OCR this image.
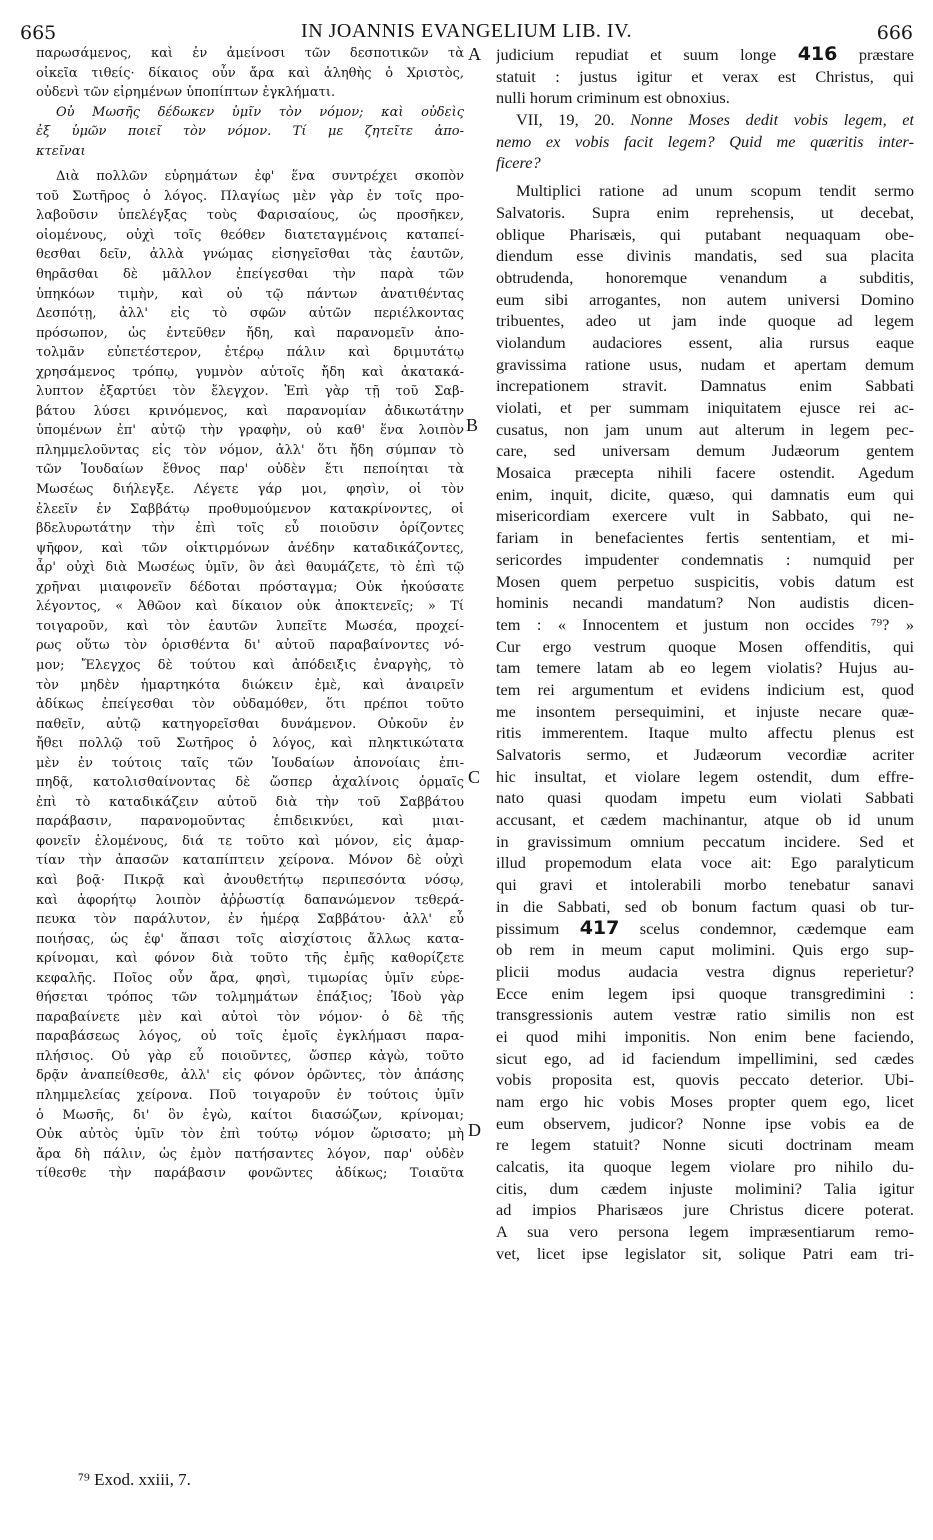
665	IN JOANNIS EVANGELIUM LIB. IV.	666
παρωσάμενος, καὶ ἐν ἀμείνοσι τῶν δεσποτικῶν τὰ
οἰκεῖα τιθείς· δίκαιος οὖν ἄρα καὶ ἀληθὴς ὁ Χριστὸς,
οὐδενὶ τῶν εἰρημένων ὑποπίπτων ἐγκλήματι.
Οὐ Μωσῆς δέδωκεν ὑμῖν τὸν νόμον; καὶ οὐδεὶς
ἐξ ὑμῶν ποιεῖ τὸν νόμον. Τί με ζητεῖτε ἀπο-
κτεῖναι
Διὰ πολλῶν εὑρημάτων ἐφ' ἕνα συντρέχει σκοπὸν
τοῦ Σωτῆρος ὁ λόγος. Πλαγίως μὲν γὰρ ἐν τοῖς προ-
λαβοῦσιν ὑπελέγξας τοὺς Φαρισαίους, ὡς προσῆκεν,
οἰομένους, οὐχὶ τοῖς θεόθεν διατεταγμένοις καταπεί-
θεσθαι δεῖν, ἀλλὰ γνώμας εἰσηγεῖσθαι τὰς ἑαυτῶν,
θηρᾶσθαι δὲ μᾶλλον ἐπείγεσθαι τὴν παρὰ τῶν
ὑπηκόων τιμὴν, καὶ οὐ τῷ πάντων ἀνατιθέντας
Δεσπότῃ, ἀλλ' εἰς τὸ σφῶν αὐτῶν περιέλκοντας
πρόσωπον, ὡς ἐντεῦθεν ἤδη, καὶ παρανομεῖν ἀπο-
τολμᾶν εὐπετέστερον, ἑτέρῳ πάλιν καὶ δριμυτάτῳ
χρησάμενος τρόπῳ, γυμνὸν αὐτοῖς ἤδη καὶ ἀκατακά-
λυπτον ἐξαρτύει τὸν ἔλεγχον. Ἐπὶ γὰρ τῇ τοῦ Σαβ-
βάτου λύσει κρινόμενος, καὶ παρανομίαν ἀδικωτάτην
ὑπομένων ἐπ' αὐτῷ τὴν γραφὴν, οὐ καθ' ἕνα λοιπὸν
πλημμελοῦντας εἰς τὸν νόμον, ἀλλ' ὅτι ἤδη σύμπαν τὸ
τῶν Ἰουδαίων ἔθνος παρ' οὐδὲν ἔτι πεποίηται τὰ
Μωσέως διήλεγξε. Λέγετε γάρ μοι, φησὶν, οἱ τὸν
ἐλεεῖν ἐν Σαββάτῳ προθυμούμενον κατακρίνοντες, οἱ
βδελυρωτάτην τὴν ἐπὶ τοῖς εὖ ποιοῦσιν ὁρίζοντες
ψῆφον, καὶ τῶν οἰκτιρμόνων ἀνέδην καταδικάζοντες,
ἆρ' οὐχὶ διὰ Μωσέως ὑμῖν, ὃν ἀεὶ θαυμάζετε, τὸ ἐπὶ τῷ
χρῆναι μιαιφονεῖν δέδοται πρόσταγμα; Οὐκ ἠκούσατε
λέγοντος, « Ἀθῶον καὶ δίκαιον οὐκ ἀποκτενεῖς; » Τί
τοιγαροῦν, καὶ τὸν ἑαυτῶν λυπεῖτε Μωσέα, προχεί-
ρως οὕτω τὸν ὁρισθέντα δι' αὐτοῦ παραβαίνοντες νό-
μον; Ἔλεγχος δὲ τούτου καὶ ἀπόδειξις ἐναργὴς, τὸ
τὸν μηδὲν ἡμαρτηκότα διώκειν ἐμὲ, καὶ ἀναιρεῖν
ἀδίκως ἐπείγεσθαι τὸν οὐδαμόθεν, ὅτι πρέποι τοῦτο
παθεῖν, αὐτῷ κατηγορεῖσθαι δυνάμενον. Οὐκοῦν ἐν
ἤθει πολλῷ τοῦ Σωτῆρος ὁ λόγος, καὶ πληκτικώτατα
μὲν ἐν τούτοις ταῖς τῶν Ἰουδαίων ἀπονοίαις ἐπι-
πηδᾷ, κατολισθαίνοντας δὲ ὥσπερ ἀχαλίνοις ὁρμαῖς
ἐπὶ τὸ καταδικάζειν αὐτοῦ διὰ τὴν τοῦ Σαββάτου
παράβασιν, παρανομοῦντας ἐπιδεικνύει, καὶ μιαι-
φονεῖν ἑλομένους, διά τε τοῦτο καὶ μόνον, εἰς ἁμαρ-
τίαν τὴν ἁπασῶν καταπίπτειν χείρονα. Μόνον δὲ οὐχὶ
καὶ βοᾷ· Πικρᾷ καὶ ἀνουθετήτῳ περιπεσόντα νόσῳ,
καὶ ἀφορήτῳ λοιπὸν ἀῤῥωστίᾳ δαπανώμενον τεθερά-
πευκα τὸν παράλυτον, ἐν ἡμέρᾳ Σαββάτου· ἀλλ' εὖ
ποιήσας, ὡς ἐφ' ἅπασι τοῖς αἰσχίστοις ἄλλως κατα-
κρίνομαι, καὶ φόνον διὰ τοῦτο τῆς ἐμῆς καθορίζετε
κεφαλῆς. Ποῖος οὖν ἄρα, φησὶ, τιμωρίας ὑμῖν εὑρε-
θήσεται τρόπος τῶν τολμημάτων ἐπάξιος; Ἰδοὺ γὰρ
παραβαίνετε μὲν καὶ αὐτοὶ τὸν νόμον· ὁ δὲ τῆς
παραβάσεως λόγος, οὐ τοῖς ἐμοῖς ἐγκλήμασι παρα-
πλήσιος. Οὐ γὰρ εὖ ποιοῦντες, ὥσπερ κἀγὼ, τοῦτο
δρᾷν ἀναπείθεσθε, ἀλλ' εἰς φόνον ὁρῶντες, τὸν ἁπάσης
πλημμελείας χείρονα. Ποῦ τοιγαροῦν ἐν τούτοις ὑμῖν
ὁ Μωσῆς, δι' ὃν ἐγὼ, καίτοι διασώζων, κρίνομαι;
Οὐκ αὐτὸς ὑμῖν τὸν ἐπὶ τούτῳ νόμον ὥρισατο; μὴ
ἄρα δὴ πάλιν, ὡς ἐμὸν πατήσαντες λόγον, παρ' οὐδὲν
τίθεσθε τὴν παράβασιν φονῶντες ἀδίκως; Τοιαῦτα
judicium repudiat et suum longe 416 præstare
statuit : justus igitur et verax est Christus, qui
nulli horum criminum est obnoxius.
VII, 19, 20. Nonne Moses dedit vobis legem, et
nemo ex vobis facit legem? Quid me quæritis inter-
ficere?
Multiplici ratione ad unum scopum tendit sermo
Salvatoris. Supra enim reprehensis, ut decebat,
oblique Pharisæis, qui putabant nequaquam obe-
diendum esse divinis mandatis, sed sua placita
obtrudenda, honoremque venandum a subditis,
eum sibi arrogantes, non autem universi Domino
tribuentes, adeo ut jam inde quoque ad legem
violandum audaciores essent, alia rursus eaque
gravissima ratione usus, nudam et apertam demum
increpationem stravit. Damnatus enim Sabbati
violati, et per summam iniquitatem ejusce rei ac-
cusatus, non jam unum aut alterum in legem pec-
care, sed universam demum Judæorum gentem
Mosaica præcepta nihili facere ostendit. Agedum
enim, inquit, dicite, quæso, qui damnatis eum qui
misericordiam exercere vult in Sabbato, qui ne-
fariam in benefacientes fertis sententiam, et mi-
sericordes impudenter condemnatis : numquid per
Mosen quem perpetuo suspicitis, vobis datum est
hominis necandi mandatum? Non audistis dicen-
tem : « Innocentem et justum non occides ⁷⁹? »
Cur ergo vestrum quoque Mosen offenditis, qui
tam temere latam ab eo legem violatis? Hujus au-
tem rei argumentum et evidens indicium est, quod
me insontem persequimini, et injuste necare quæ-
ritis immerentem. Itaque multo affectu plenus est
Salvatoris sermo, et Judæorum vecordiæ acriter
hic insultat, et violare legem ostendit, dum effre-
nato quasi quodam impetu eum violati Sabbati
accusant, et cædem machinantur, atque ob id unum
in gravissimum omnium peccatum incidere. Sed et
illud propemodum elata voce ait: Ego paralyticum
qui gravi et intolerabili morbo tenebatur sanavi
in die Sabbati, sed ob bonum factum quasi ob tur-
pissimum 417 scelus condemnor, cædemque eam
ob rem in meum caput molimini. Quis ergo sup-
plicii modus audacia vestra dignus reperietur?
Ecce enim legem ipsi quoque transgredimini :
transgressionis autem vestræ ratio similis non est
ei quod mihi imponitis. Non enim bene faciendo,
sicut ego, ad id faciendum impellimini, sed cædes
vobis proposita est, quovis peccato deterior. Ubi-
nam ergo hic vobis Moses propter quem ego, licet
eum observem, judicor? Nonne ipse vobis ea de
re legem statuit? Nonne sicuti doctrinam meam
calcatis, ita quoque legem violare pro nihilo du-
citis, dum cædem injuste molimini? Talia igitur
ad impios Pharisæos jure Christus dicere poterat.
A sua vero persona legem impræsentiarum remo-
vet, licet ipse legislator sit, solique Patri eam tri-
A
B
C
D
⁷⁹ Exod. xxiii, 7.
